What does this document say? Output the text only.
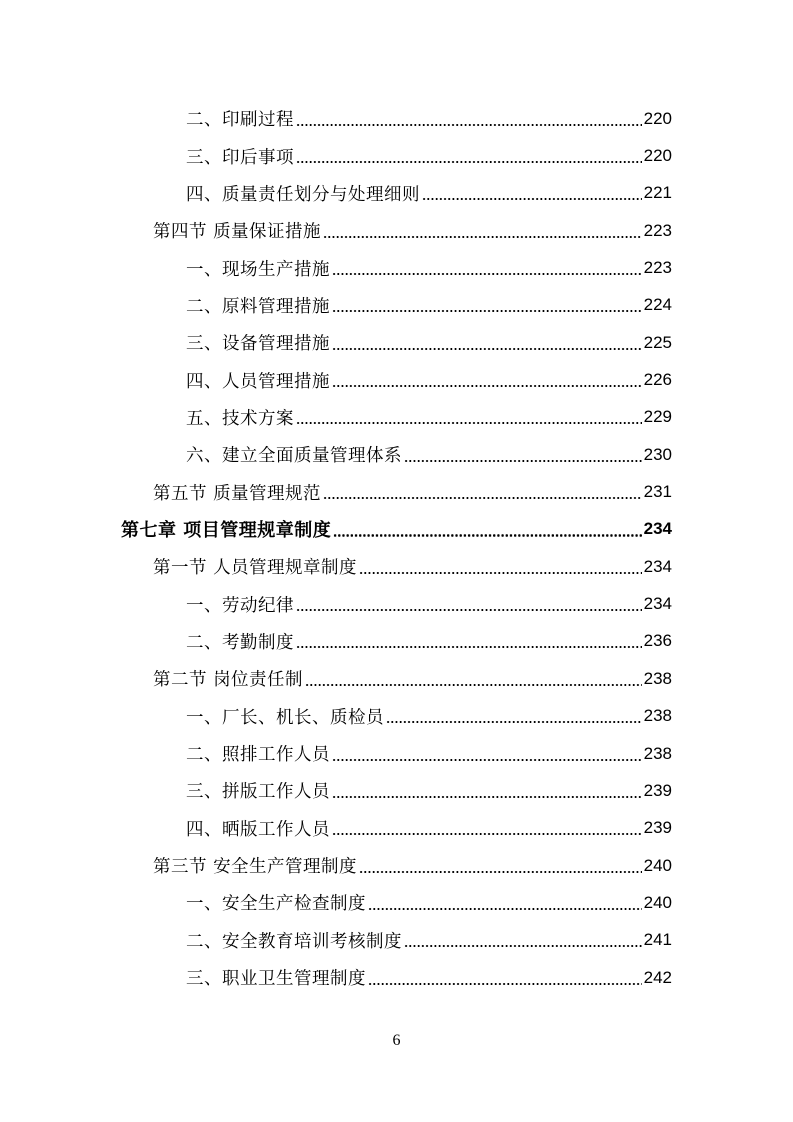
二、印刷过程	220
三、印后事项	220
四、质量责任划分与处理细则	221
第四节 质量保证措施	223
一、现场生产措施	223
二、原料管理措施	224
三、设备管理措施	225
四、人员管理措施	226
五、技术方案	229
六、建立全面质量管理体系	230
第五节 质量管理规范	231
第七章 项目管理规章制度	234
第一节 人员管理规章制度	234
一、劳动纪律	234
二、考勤制度	236
第二节 岗位责任制	238
一、厂长、机长、质检员	238
二、照排工作人员	238
三、拼版工作人员	239
四、晒版工作人员	239
第三节 安全生产管理制度	240
一、安全生产检查制度	240
二、安全教育培训考核制度	241
三、职业卫生管理制度	242
6
